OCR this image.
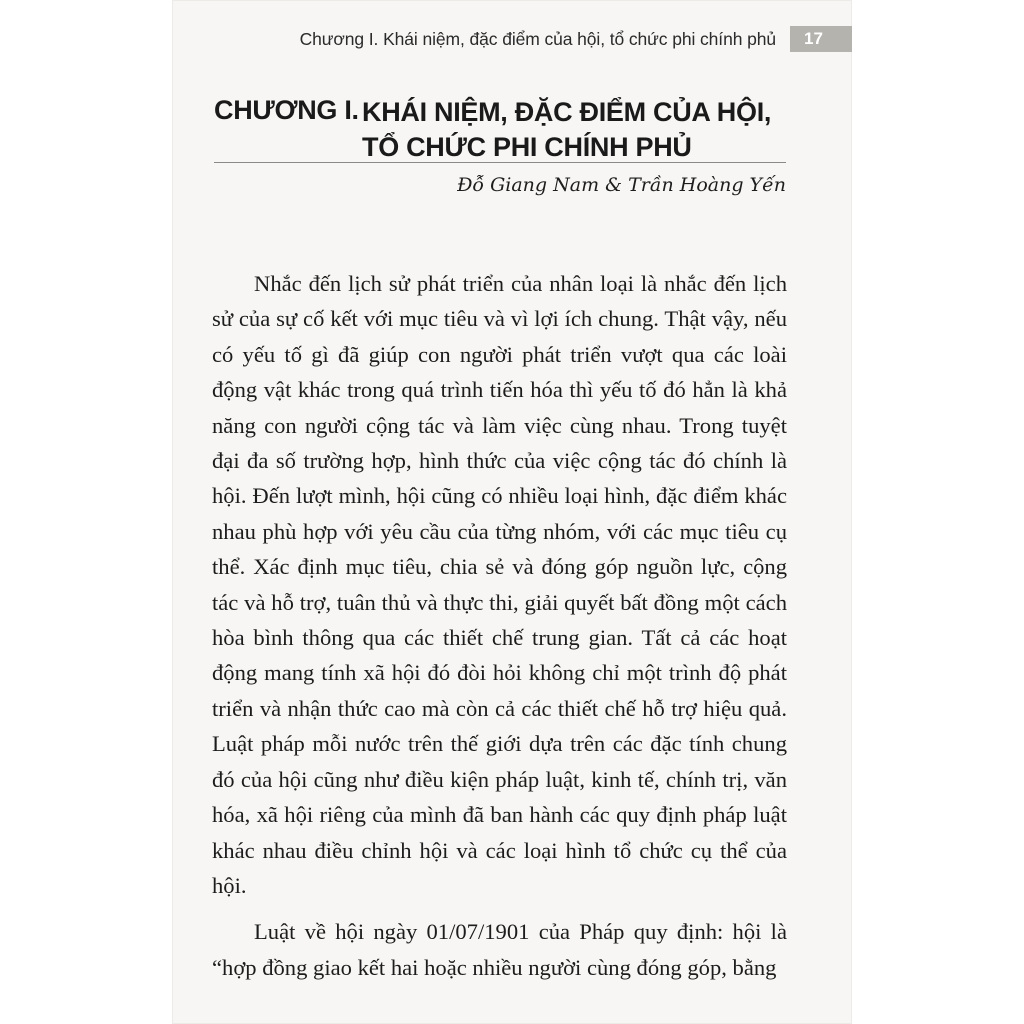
Chương I. Khái niệm, đặc điểm của hội, tổ chức phi chính phủ	17
CHƯƠNG I. KHÁI NIỆM, ĐẶC ĐIỂM CỦA HỘI, TỔ CHỨC PHI CHÍNH PHỦ
Đỗ Giang Nam & Trần Hoàng Yến

Nhắc đến lịch sử phát triển của nhân loại là nhắc đến lịch sử của sự cố kết với mục tiêu và vì lợi ích chung. Thật vậy, nếu có yếu tố gì đã giúp con người phát triển vượt qua các loài động vật khác trong quá trình tiến hóa thì yếu tố đó hẳn là khả năng con người cộng tác và làm việc cùng nhau. Trong tuyệt đại đa số trường hợp, hình thức của việc cộng tác đó chính là hội. Đến lượt mình, hội cũng có nhiều loại hình, đặc điểm khác nhau phù hợp với yêu cầu của từng nhóm, với các mục tiêu cụ thể. Xác định mục tiêu, chia sẻ và đóng góp nguồn lực, cộng tác và hỗ trợ, tuân thủ và thực thi, giải quyết bất đồng một cách hòa bình thông qua các thiết chế trung gian. Tất cả các hoạt động mang tính xã hội đó đòi hỏi không chỉ một trình độ phát triển và nhận thức cao mà còn cả các thiết chế hỗ trợ hiệu quả. Luật pháp mỗi nước trên thế giới dựa trên các đặc tính chung đó của hội cũng như điều kiện pháp luật, kinh tế, chính trị, văn hóa, xã hội riêng của mình đã ban hành các quy định pháp luật khác nhau điều chỉnh hội và các loại hình tổ chức cụ thể của hội.

Luật về hội ngày 01/07/1901 của Pháp quy định: hội là “hợp đồng giao kết hai hoặc nhiều người cùng đóng góp, bằng
